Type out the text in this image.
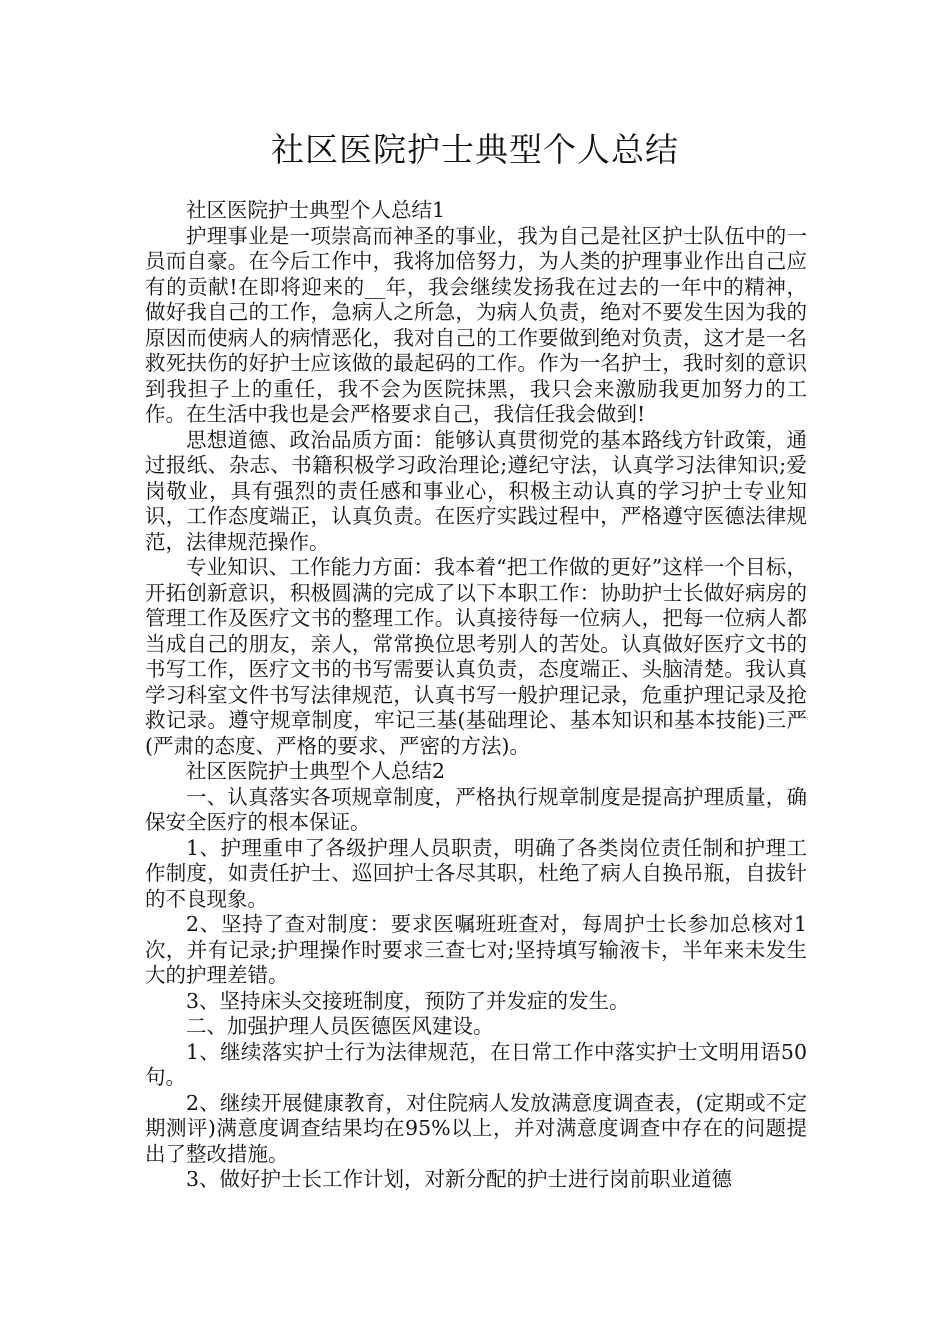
社区医院护士典型个人总结

社区医院护士典型个人总结1

护理事业是一项崇高而神圣的事业，我为自己是社区护士队伍中的一员而自豪。在今后工作中，我将加倍努力，为人类的护理事业作出自己应有的贡献!在即将迎来的__年，我会继续发扬我在过去的一年中的精神，做好我自己的工作，急病人之所急，为病人负责，绝对不要发生因为我的原因而使病人的病情恶化，我对自己的工作要做到绝对负责，这才是一名救死扶伤的好护士应该做的最起码的工作。作为一名护士，我时刻的意识到我担子上的重任，我不会为医院抹黑，我只会来激励我更加努力的工作。在生活中我也是会严格要求自己，我信任我会做到!

思想道德、政治品质方面：能够认真贯彻党的基本路线方针政策，通过报纸、杂志、书籍积极学习政治理论;遵纪守法，认真学习法律知识;爱岗敬业，具有强烈的责任感和事业心，积极主动认真的学习护士专业知识，工作态度端正，认真负责。在医疗实践过程中，严格遵守医德法律规范，法律规范操作。

专业知识、工作能力方面：我本着“把工作做的更好”这样一个目标，开拓创新意识，积极圆满的完成了以下本职工作：协助护士长做好病房的管理工作及医疗文书的整理工作。认真接待每一位病人，把每一位病人都当成自己的朋友，亲人，常常换位思考别人的苦处。认真做好医疗文书的书写工作，医疗文书的书写需要认真负责，态度端正、头脑清楚。我认真学习科室文件书写法律规范，认真书写一般护理记录，危重护理记录及抢救记录。遵守规章制度，牢记三基(基础理论、基本知识和基本技能)三严(严肃的态度、严格的要求、严密的方法)。

社区医院护士典型个人总结2

一、认真落实各项规章制度，严格执行规章制度是提高护理质量，确保安全医疗的根本保证。

1、护理重申了各级护理人员职责，明确了各类岗位责任制和护理工作制度，如责任护士、巡回护士各尽其职，杜绝了病人自换吊瓶，自拔针的不良现象。

2、坚持了查对制度：要求医嘱班班查对，每周护士长参加总核对1次，并有记录;护理操作时要求三查七对;坚持填写输液卡，半年来未发生大的护理差错。

3、坚持床头交接班制度，预防了并发症的发生。

二、加强护理人员医德医风建设。

1、继续落实护士行为法律规范，在日常工作中落实护士文明用语50句。

2、继续开展健康教育，对住院病人发放满意度调查表，(定期或不定期测评)满意度调查结果均在95%以上，并对满意度调查中存在的问题提出了整改措施。

3、做好护士长工作计划，对新分配的护士进行岗前职业道德
